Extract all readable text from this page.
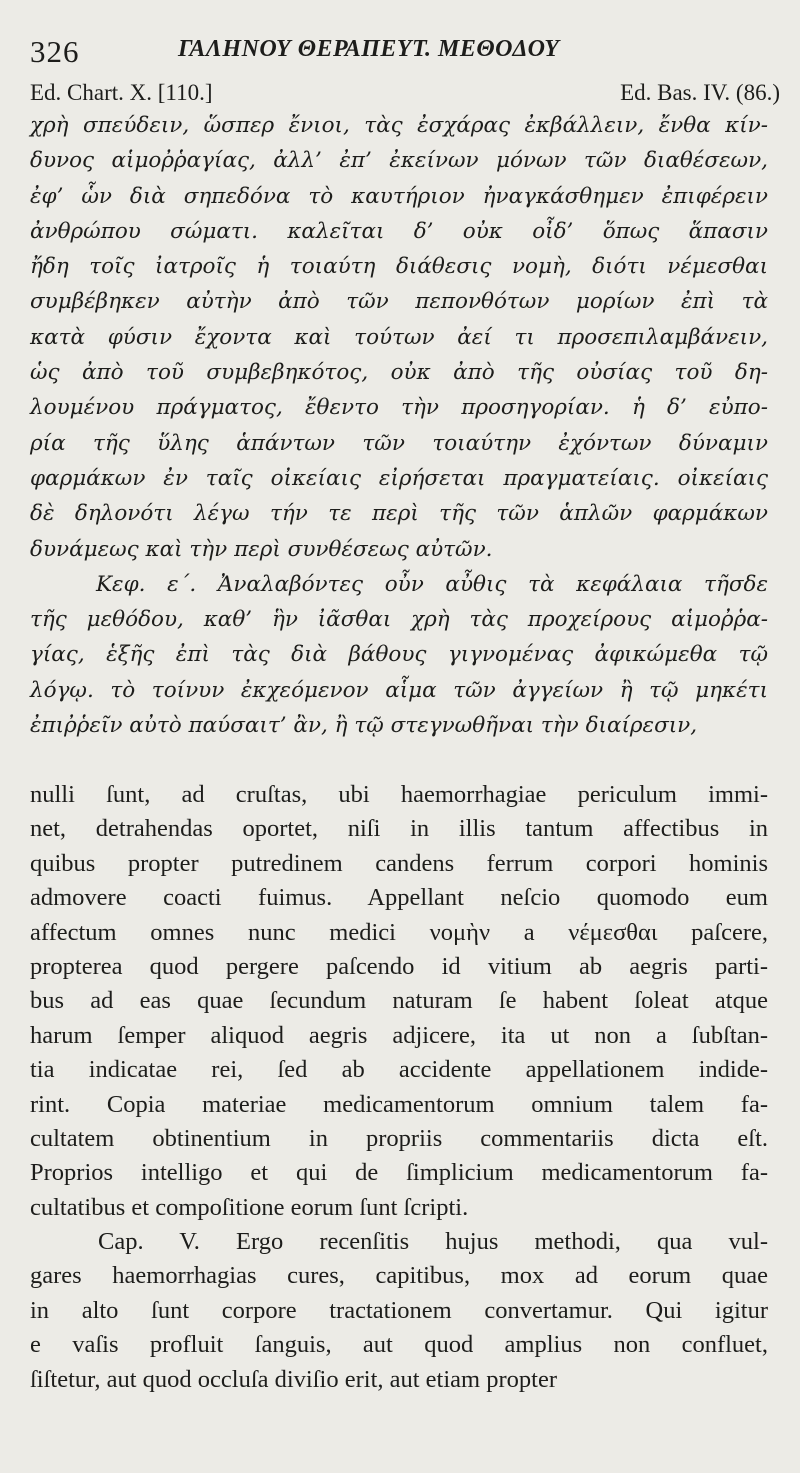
326	ΓΑΛΗΝΟΥ ΘΕΡΑΠΕΥΤ. ΜΕΘΟΔΟΥ
Ed. Chart. X. [110.]	Ed. Bas. IV. (86.)
χρὴ σπεύδειν, ὥσπερ ἔνιοι, τὰς ἐσχάρας ἐκβάλλειν, ἔνθα κίν-
δυνος αἱμοῤῥαγίας, ἀλλ’ ἐπ’ ἐκείνων μόνων τῶν διαθέσεων,
ἐφ’ ὧν διὰ σηπεδόνα τὸ καυτήριον ἠναγκάσθημεν ἐπιφέρειν
ἀνθρώπου σώματι. καλεῖται δ’ οὐκ οἶδ’ ὅπως ἅπασιν
ἤδη τοῖς ἰατροῖς ἡ τοιαύτη διάθεσις νομὴ, διότι νέμεσθαι
συμβέβηκεν αὐτὴν ἀπὸ τῶν πεπονθότων μορίων ἐπὶ τὰ
κατὰ φύσιν ἔχοντα καὶ τούτων ἀεί τι προσεπιλαμβάνειν,
ὡς ἀπὸ τοῦ συμβεβηκότος, οὐκ ἀπὸ τῆς οὐσίας τοῦ δη-
λουμένου πράγματος, ἔθεντο τὴν προσηγορίαν. ἡ δ’ εὐπο-
ρία τῆς ὕλης ἁπάντων τῶν τοιαύτην ἐχόντων δύναμιν
φαρμάκων ἐν ταῖς οἰκείαις εἰρήσεται πραγματείαις. οἰκείαις
δὲ δηλονότι λέγω τήν τε περὶ τῆς τῶν ἁπλῶν φαρμάκων
δυνάμεως καὶ τὴν περὶ συνθέσεως αὐτῶν.
Κεφ. ε΄. Ἀναλαβόντες οὖν αὖθις τὰ κεφάλαια τῆσδε
τῆς μεθόδου, καθ’ ἣν ἰᾶσθαι χρὴ τὰς προχείρους αἱμοῤῥα-
γίας, ἑξῆς ἐπὶ τὰς διὰ βάθους γιγνομένας ἀφικώμεθα τῷ
λόγῳ. τὸ τοίνυν ἐκχεόμενον αἷμα τῶν ἀγγείων ἢ τῷ μηκέτι
ἐπιῤῥεῖν αὐτὸ παύσαιτ’ ἂν, ἢ τῷ στεγνωθῆναι τὴν διαίρεσιν,
nulli ſunt, ad cruſtas, ubi haemorrhagiae periculum immi-
net, detrahendas oportet, niſi in illis tantum affectibus in
quibus propter putredinem candens ferrum corpori hominis
admovere coacti fuimus. Appellant neſcio quomodo eum
affectum omnes nunc medici νομὴν a νέμεσθαι paſcere,
propterea quod pergere paſcendo id vitium ab aegris parti-
bus ad eas quae ſecundum naturam ſe habent ſoleat atque
harum ſemper aliquod aegris adjicere, ita ut non a ſubſtan-
tia indicatae rei, ſed ab accidente appellationem indide-
rint. Copia materiae medicamentorum omnium talem fa-
cultatem obtinentium in propriis commentariis dicta eſt.
Proprios intelligo et qui de ſimplicium medicamentorum fa-
cultatibus et compoſitione eorum ſunt ſcripti.
Cap. V. Ergo recenſitis hujus methodi, qua vul-
gares haemorrhagias cures, capitibus, mox ad eorum quae
in alto ſunt corpore tractationem convertamur. Qui igitur
e vaſis profluit ſanguis, aut quod amplius non confluet,
ſiſtetur, aut quod occluſa diviſio erit, aut etiam propter
